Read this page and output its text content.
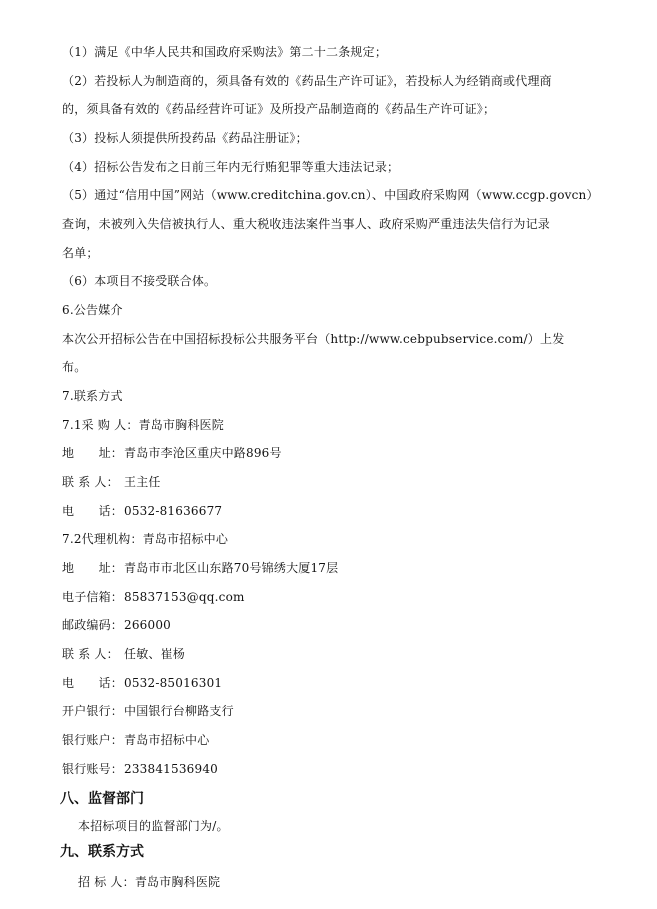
（1）满足《中华人民共和国政府采购法》第二十二条规定；
（2）若投标人为制造商的，须具备有效的《药品生产许可证》，若投标人为经销商或代理商
的，须具备有效的《药品经营许可证》及所投产品制造商的《药品生产许可证》；
（3）投标人须提供所投药品《药品注册证》；
（4）招标公告发布之日前三年内无行贿犯罪等重大违法记录；
（5）通过“信用中国”网站（www.creditchina.gov.cn）、中国政府采购网（www.ccgp.govcn）
查询，未被列入失信被执行人、重大税收违法案件当事人、政府采购严重违法失信行为记录
名单；
（6）本项目不接受联合体。
6.公告媒介
本次公开招标公告在中国招标投标公共服务平台（http://www.cebpubservice.com/）上发
布。
7.联系方式
7.1采 购 人：青岛市胸科医院
地　　址：青岛市李沧区重庆中路896号
联 系 人： 王主任
电　　话：0532-81636677
7.2代理机构：青岛市招标中心
地　　址：青岛市市北区山东路70号锦绣大厦17层
电子信箱：85837153@qq.com
邮政编码：266000
联 系 人： 任敏、崔杨
电　　话：0532-85016301
开户银行：中国银行台柳路支行
银行账户：青岛市招标中心
银行账号：233841536940
八、监督部门
本招标项目的监督部门为/。
九、联系方式
招 标 人：青岛市胸科医院
